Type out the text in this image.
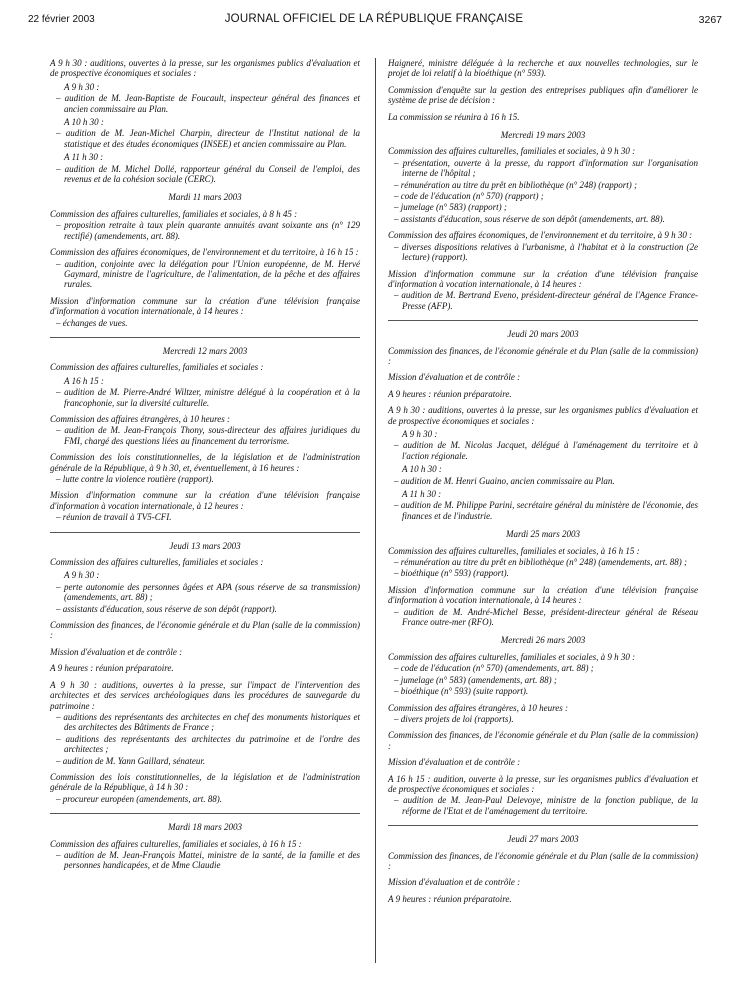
22 février 2003	JOURNAL OFFICIEL DE LA RÉPUBLIQUE FRANÇAISE	3267

A 9 h 30 : auditions, ouvertes à la presse, sur les organismes publics d'évaluation et de prospective économiques et sociales :

A 9 h 30 :

– audition de M. Jean-Baptiste de Foucault, inspecteur général des finances et ancien commissaire au Plan.

A 10 h 30 :

– audition de M. Jean-Michel Charpin, directeur de l'Institut national de la statistique et des études économiques (INSEE) et ancien commissaire au Plan.

A 11 h 30 :

– audition de M. Michel Dollé, rapporteur général du Conseil de l'emploi, des revenus et de la cohésion sociale (CERC).

Mardi 11 mars 2003

Commission des affaires culturelles, familiales et sociales, à 8 h 45 :

– proposition retraite à taux plein quarante annuités avant soixante ans (n° 129 rectifié) (amendements, art. 88).

Commission des affaires économiques, de l'environnement et du territoire, à 16 h 15 :

– audition, conjointe avec la délégation pour l'Union européenne, de M. Hervé Gaymard, ministre de l'agriculture, de l'alimentation, de la pêche et des affaires rurales.

Mission d'information commune sur la création d'une télévision française d'information à vocation internationale, à 14 heures :

– échanges de vues.

Mercredi 12 mars 2003

Commission des affaires culturelles, familiales et sociales :

A 16 h 15 :

– audition de M. Pierre-André Wiltzer, ministre délégué à la coopération et à la francophonie, sur la diversité culturelle.

Commission des affaires étrangères, à 10 heures :

– audition de M. Jean-François Thony, sous-directeur des affaires juridiques du FMI, chargé des questions liées au financement du terrorisme.

Commission des lois constitutionnelles, de la législation et de l'administration générale de la République, à 9 h 30, et, éventuellement, à 16 heures :

– lutte contre la violence routière (rapport).

Mission d'information commune sur la création d'une télévision française d'information à vocation internationale, à 12 heures :

– réunion de travail à TV5-CFI.

Jeudi 13 mars 2003

Commission des affaires culturelles, familiales et sociales :

A 9 h 30 :

– perte autonomie des personnes âgées et APA (sous réserve de sa transmission) (amendements, art. 88) ;

– assistants d'éducation, sous réserve de son dépôt (rapport).

Commission des finances, de l'économie générale et du Plan (salle de la commission) :

Mission d'évaluation et de contrôle :

A 9 heures : réunion préparatoire.

A 9 h 30 : auditions, ouvertes à la presse, sur l'impact de l'intervention des architectes et des services archéologiques dans les procédures de sauvegarde du patrimoine :

– auditions des représentants des architectes en chef des monuments historiques et des architectes des Bâtiments de France ;

– auditions des représentants des architectes du patrimoine et de l'ordre des architectes ;

– audition de M. Yann Gaillard, sénateur.

Commission des lois constitutionnelles, de la législation et de l'administration générale de la République, à 14 h 30 :

– procureur européen (amendements, art. 88).

Mardi 18 mars 2003

Commission des affaires culturelles, familiales et sociales, à 16 h 15 :

– audition de M. Jean-François Mattei, ministre de la santé, de la famille et des personnes handicapées, et de Mme Claudie

Haigneré, ministre déléguée à la recherche et aux nouvelles technologies, sur le projet de loi relatif à la bioéthique (n° 593).

Commission d'enquête sur la gestion des entreprises publiques afin d'améliorer le système de prise de décision :

La commission se réunira à 16 h 15.

Mercredi 19 mars 2003

Commission des affaires culturelles, familiales et sociales, à 9 h 30 :

– présentation, ouverte à la presse, du rapport d'information sur l'organisation interne de l'hôpital ;

– rémunération au titre du prêt en bibliothèque (n° 248) (rapport) ;

– code de l'éducation (n° 570) (rapport) ;

– jumelage (n° 583) (rapport) ;

– assistants d'éducation, sous réserve de son dépôt (amendements, art. 88).

Commission des affaires économiques, de l'environnement et du territoire, à 9 h 30 :

– diverses dispositions relatives à l'urbanisme, à l'habitat et à la construction (2e lecture) (rapport).

Mission d'information commune sur la création d'une télévision française d'information à vocation internationale, à 14 heures :

– audition de M. Bertrand Eveno, président-directeur général de l'Agence France-Presse (AFP).

Jeudi 20 mars 2003

Commission des finances, de l'économie générale et du Plan (salle de la commission) :

Mission d'évaluation et de contrôle :

A 9 heures : réunion préparatoire.

A 9 h 30 : auditions, ouvertes à la presse, sur les organismes publics d'évaluation et de prospective économiques et sociales :

A 9 h 30 :

– audition de M. Nicolas Jacquet, délégué à l'aménagement du territoire et à l'action régionale.

A 10 h 30 :

– audition de M. Henri Guaino, ancien commissaire au Plan.

A 11 h 30 :

– audition de M. Philippe Parini, secrétaire général du ministère de l'économie, des finances et de l'industrie.

Mardi 25 mars 2003

Commission des affaires culturelles, familiales et sociales, à 16 h 15 :

– rémunération au titre du prêt en bibliothèque (n° 248) (amendements, art. 88) ;

– bioéthique (n° 593) (rapport).

Mission d'information commune sur la création d'une télévision française d'information à vocation internationale, à 14 heures :

– audition de M. André-Michel Besse, président-directeur général de Réseau France outre-mer (RFO).

Mercredi 26 mars 2003

Commission des affaires culturelles, familiales et sociales, à 9 h 30 :

– code de l'éducation (n° 570) (amendements, art. 88) ;

– jumelage (n° 583) (amendements, art. 88) ;

– bioéthique (n° 593) (suite rapport).

Commission des affaires étrangères, à 10 heures :

– divers projets de loi (rapports).

Commission des finances, de l'économie générale et du Plan (salle de la commission) :

Mission d'évaluation et de contrôle :

A 16 h 15 : audition, ouverte à la presse, sur les organismes publics d'évaluation et de prospective économiques et sociales :

– audition de M. Jean-Paul Delevoye, ministre de la fonction publique, de la réforme de l'Etat et de l'aménagement du territoire.

Jeudi 27 mars 2003

Commission des finances, de l'économie générale et du Plan (salle de la commission) :

Mission d'évaluation et de contrôle :

A 9 heures : réunion préparatoire.
